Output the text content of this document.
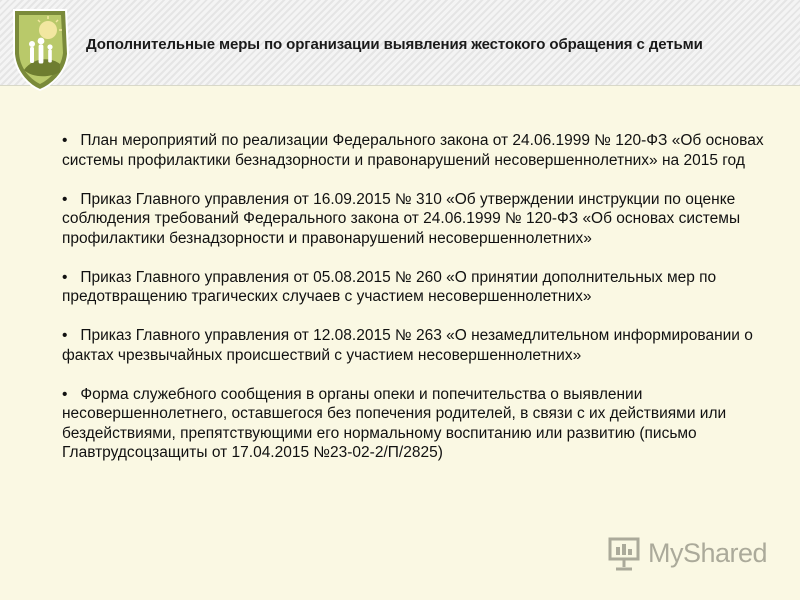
Дополнительные меры по организации выявления жестокого обращения с детьми
•   План мероприятий по реализации Федерального закона от 24.06.1999 № 120-ФЗ «Об основах системы профилактики безнадзорности и правонарушений несовершеннолетних» на 2015 год
•   Приказ Главного управления от 16.09.2015 № 310 «Об утверждении инструкции по оценке соблюдения требований Федерального закона от 24.06.1999 № 120-ФЗ «Об основах системы профилактики безнадзорности и правонарушений несовершеннолетних»
•   Приказ Главного управления от 05.08.2015 № 260 «О принятии дополнительных мер по предотвращению трагических случаев с участием несовершеннолетних»
•   Приказ Главного управления от 12.08.2015 № 263 «О незамедлительном информировании о фактах чрезвычайных происшествий с участием несовершеннолетних»
•   Форма служебного сообщения в органы опеки и попечительства о выявлении несовершеннолетнего, оставшегося без попечения родителей, в связи с их действиями или бездействиями, препятствующими его нормальному воспитанию или развитию (письмо Главтрудсоцзащиты от 17.04.2015 №23-02-2/П/2825)
MyShared
